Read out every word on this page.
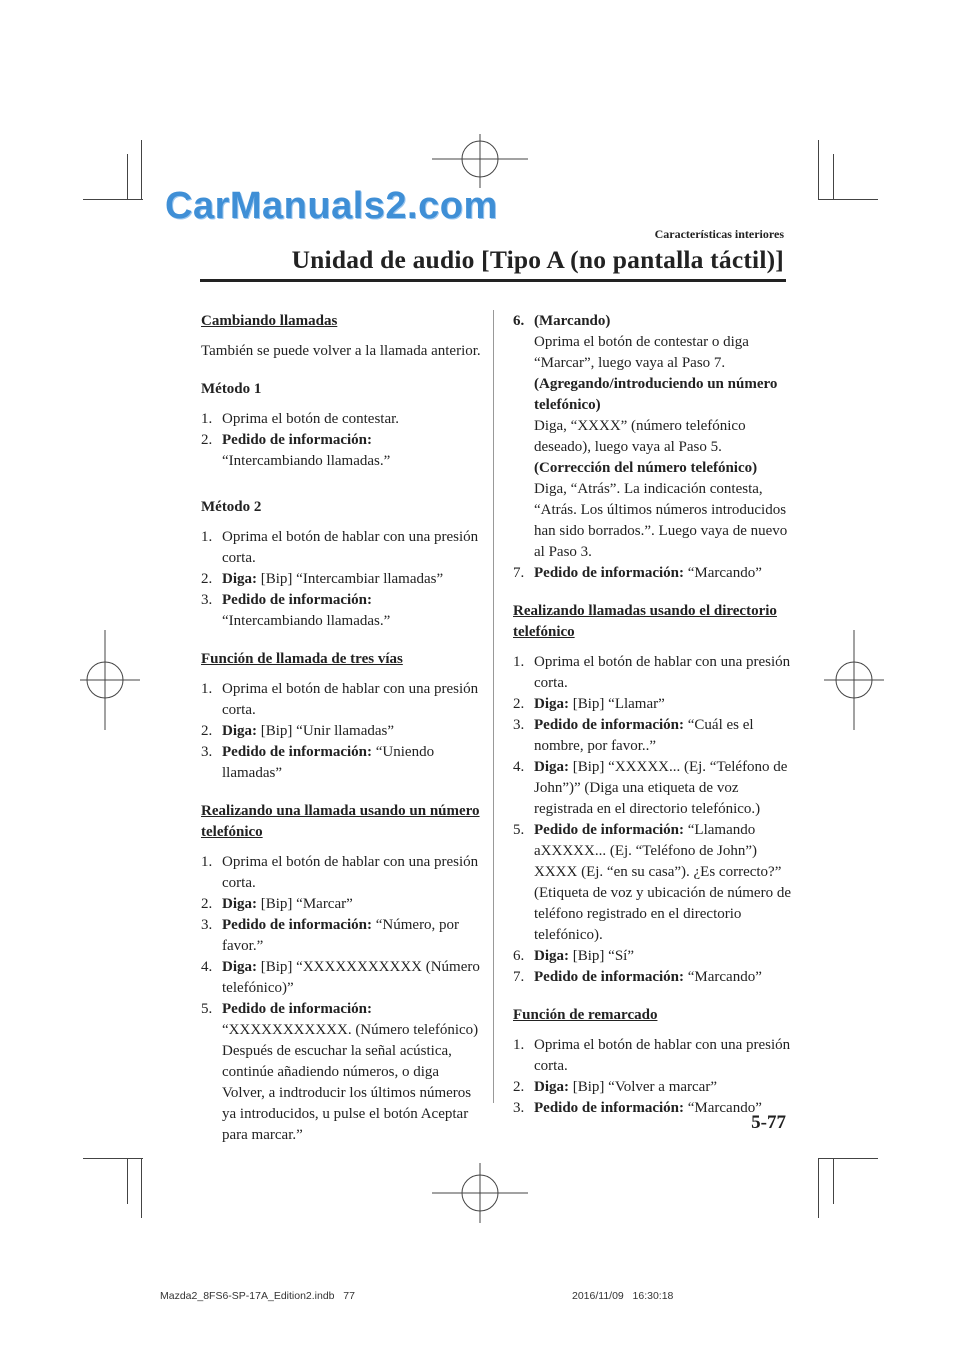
CarManuals2.com
Características interiores
Unidad de audio [Tipo A (no pantalla táctil)]

Cambiando llamadas

También se puede volver a la llamada anterior.

Método 1

1. Oprima el botón de contestar.

2. Pedido de información:
“Intercambiando llamadas.”

Método 2

1. Oprima el botón de hablar con una presión corta.

2. Diga: [Bip] “Intercambiar llamadas”

3. Pedido de información:
“Intercambiando llamadas.”

Función de llamada de tres vías

1. Oprima el botón de hablar con una presión corta.

2. Diga: [Bip] “Unir llamadas”

3. Pedido de información: “Uniendo llamadas”

Realizando una llamada usando un número telefónico

1. Oprima el botón de hablar con una presión corta.

2. Diga: [Bip] “Marcar”

3. Pedido de información: “Número, por favor.”

4. Diga: [Bip] “XXXXXXXXXXX (Número telefónico)”

5. Pedido de información:
“XXXXXXXXXXX. (Número telefónico) Después de escuchar la señal acústica, continúe añadiendo números, o diga Volver, a indtroducir los últimos números ya introducidos, u pulse el botón Aceptar para marcar.”

6. (Marcando)

Oprima el botón de contestar o diga “Marcar”, luego vaya al Paso 7.

(Agregando/introduciendo un número telefónico)

Diga, “XXXX” (número telefónico deseado), luego vaya al Paso 5.

(Corrección del número telefónico)

Diga, “Atrás”. La indicación contesta, “Atrás. Los últimos números introducidos han sido borrados.”. Luego vaya de nuevo al Paso 3.

7. Pedido de información: “Marcando”

Realizando llamadas usando el directorio telefónico

1. Oprima el botón de hablar con una presión corta.

2. Diga: [Bip] “Llamar”

3. Pedido de información: “Cuál es el nombre, por favor..”

4. Diga: [Bip] “XXXXX... (Ej. “Teléfono de John”)” (Diga una etiqueta de voz registrada en el directorio telefónico.)

5. Pedido de información: “Llamando aXXXXX... (Ej. “Teléfono de John”) XXXX (Ej. “en su casa”). ¿Es correcto?” (Etiqueta de voz y ubicación de número de teléfono registrado en el directorio telefónico).

6. Diga: [Bip] “Sí”

7. Pedido de información: “Marcando”

Función de remarcado

1. Oprima el botón de hablar con una presión corta.

2. Diga: [Bip] “Volver a marcar”

3. Pedido de información: “Marcando”

5-77
Mazda2_8FS6-SP-17A_Edition2.indb   77	2016/11/09   16:30:18
